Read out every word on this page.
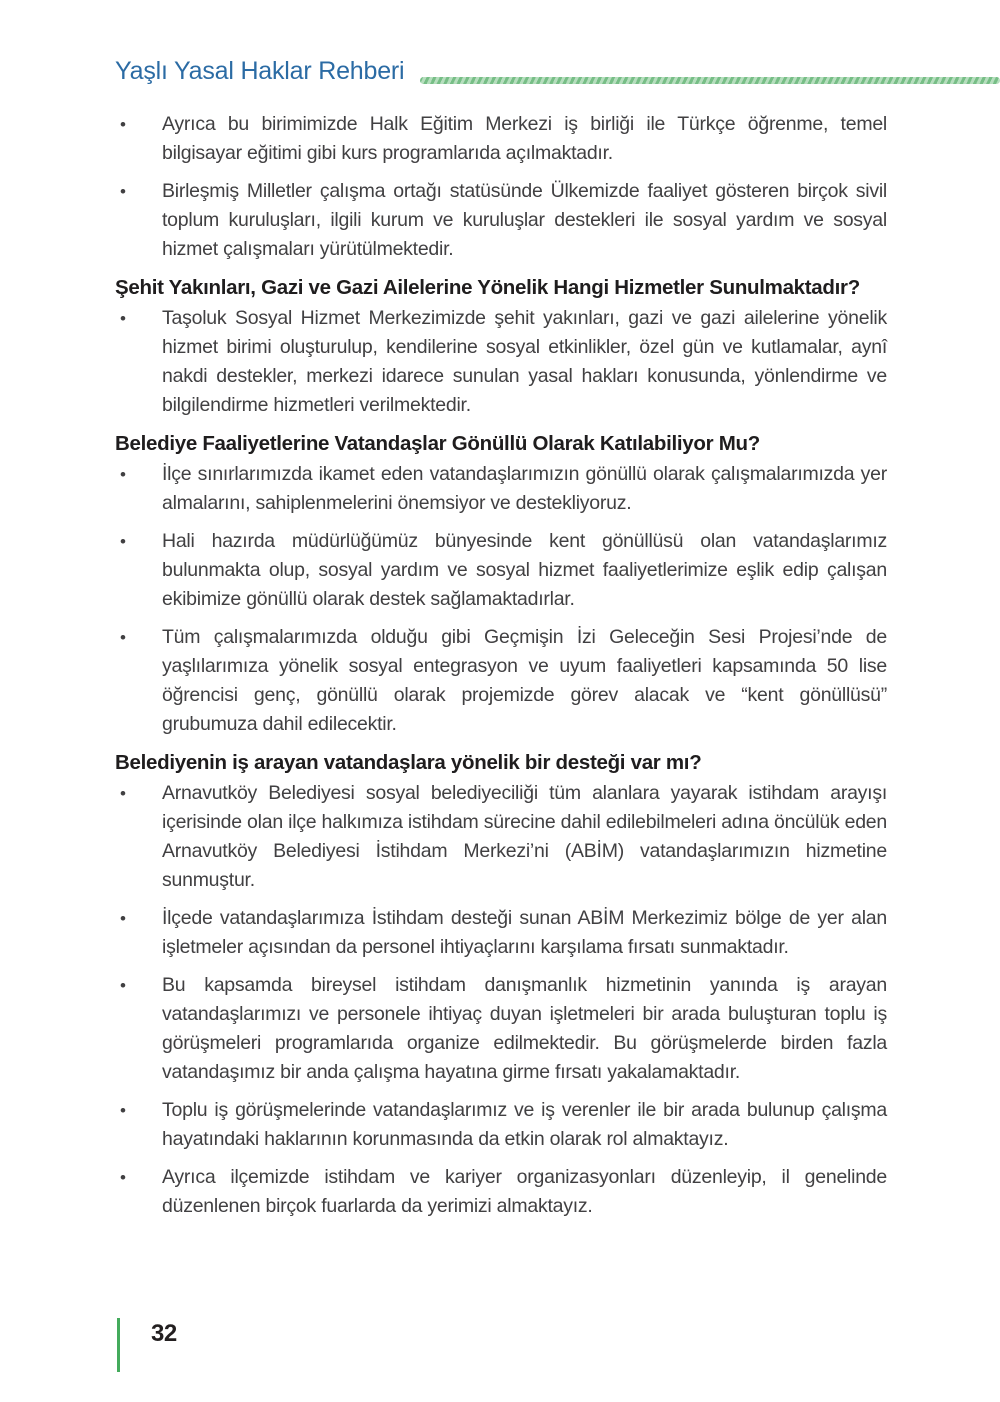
Yaşlı Yasal Haklar Rehberi
•	Ayrıca bu birimimizde Halk Eğitim Merkezi iş birliği ile Türkçe öğrenme, temel bilgisayar eğitimi gibi kurs programlarıda açılmaktadır.

•	Birleşmiş Milletler çalışma ortağı statüsünde Ülkemizde faaliyet gösteren birçok sivil toplum kuruluşları, ilgili kurum ve kuruluşlar destekleri ile sosyal yardım ve sosyal hizmet çalışmaları yürütülmektedir.

Şehit Yakınları, Gazi ve Gazi Ailelerine Yönelik Hangi Hizmetler Sunulmaktadır?
•	Taşoluk Sosyal Hizmet Merkezimizde şehit yakınları, gazi ve gazi ailelerine yönelik hizmet birimi oluşturulup, kendilerine sosyal etkinlikler, özel gün ve kutlamalar, aynî nakdi destekler, merkezi idarece sunulan yasal hakları konusunda, yönlendirme ve bilgilendirme hizmetleri verilmektedir.

Belediye Faaliyetlerine Vatandaşlar Gönüllü Olarak Katılabiliyor Mu?
•	İlçe sınırlarımızda ikamet eden vatandaşlarımızın gönüllü olarak çalışmalarımızda yer almalarını, sahiplenmelerini önemsiyor ve destekliyoruz.

•	Hali hazırda müdürlüğümüz bünyesinde kent gönüllüsü olan vatandaşlarımız bulunmakta olup, sosyal yardım ve sosyal hizmet faaliyetlerimize eşlik edip çalışan ekibimize gönüllü olarak destek sağlamaktadırlar.

•	Tüm çalışmalarımızda olduğu gibi Geçmişin İzi Geleceğin Sesi Projesi’nde de yaşlılarımıza yönelik sosyal entegrasyon ve uyum faaliyetleri kapsamında 50 lise öğrencisi genç, gönüllü olarak projemizde görev alacak ve “kent gönüllüsü” grubumuza dahil edilecektir.

Belediyenin iş arayan vatandaşlara yönelik bir desteği var mı?
•	Arnavutköy Belediyesi sosyal belediyeciliği tüm alanlara yayarak istihdam arayışı içerisinde olan ilçe halkımıza istihdam sürecine dahil edilebilmeleri adına öncülük eden Arnavutköy Belediyesi İstihdam Merkezi’ni (ABİM) vatandaşlarımızın hizmetine sunmuştur.

•	İlçede vatandaşlarımıza İstihdam desteği sunan ABİM Merkezimiz bölge de yer alan işletmeler açısından da personel ihtiyaçlarını karşılama fırsatı sunmaktadır.

•	Bu kapsamda bireysel istihdam danışmanlık hizmetinin yanında iş arayan vatandaşlarımızı ve personele ihtiyaç duyan işletmeleri bir arada buluşturan toplu iş görüşmeleri programlarıda organize edilmektedir. Bu görüşmelerde birden fazla vatandaşımız bir anda çalışma hayatına girme fırsatı yakalamaktadır.

•	Toplu iş görüşmelerinde vatandaşlarımız ve iş verenler ile bir arada bulunup çalışma hayatındaki haklarının korunmasında da etkin olarak rol almaktayız.

•	Ayrıca ilçemizde istihdam ve kariyer organizasyonları düzenleyip, il genelinde düzenlenen birçok fuarlarda da yerimizi almaktayız.

32
